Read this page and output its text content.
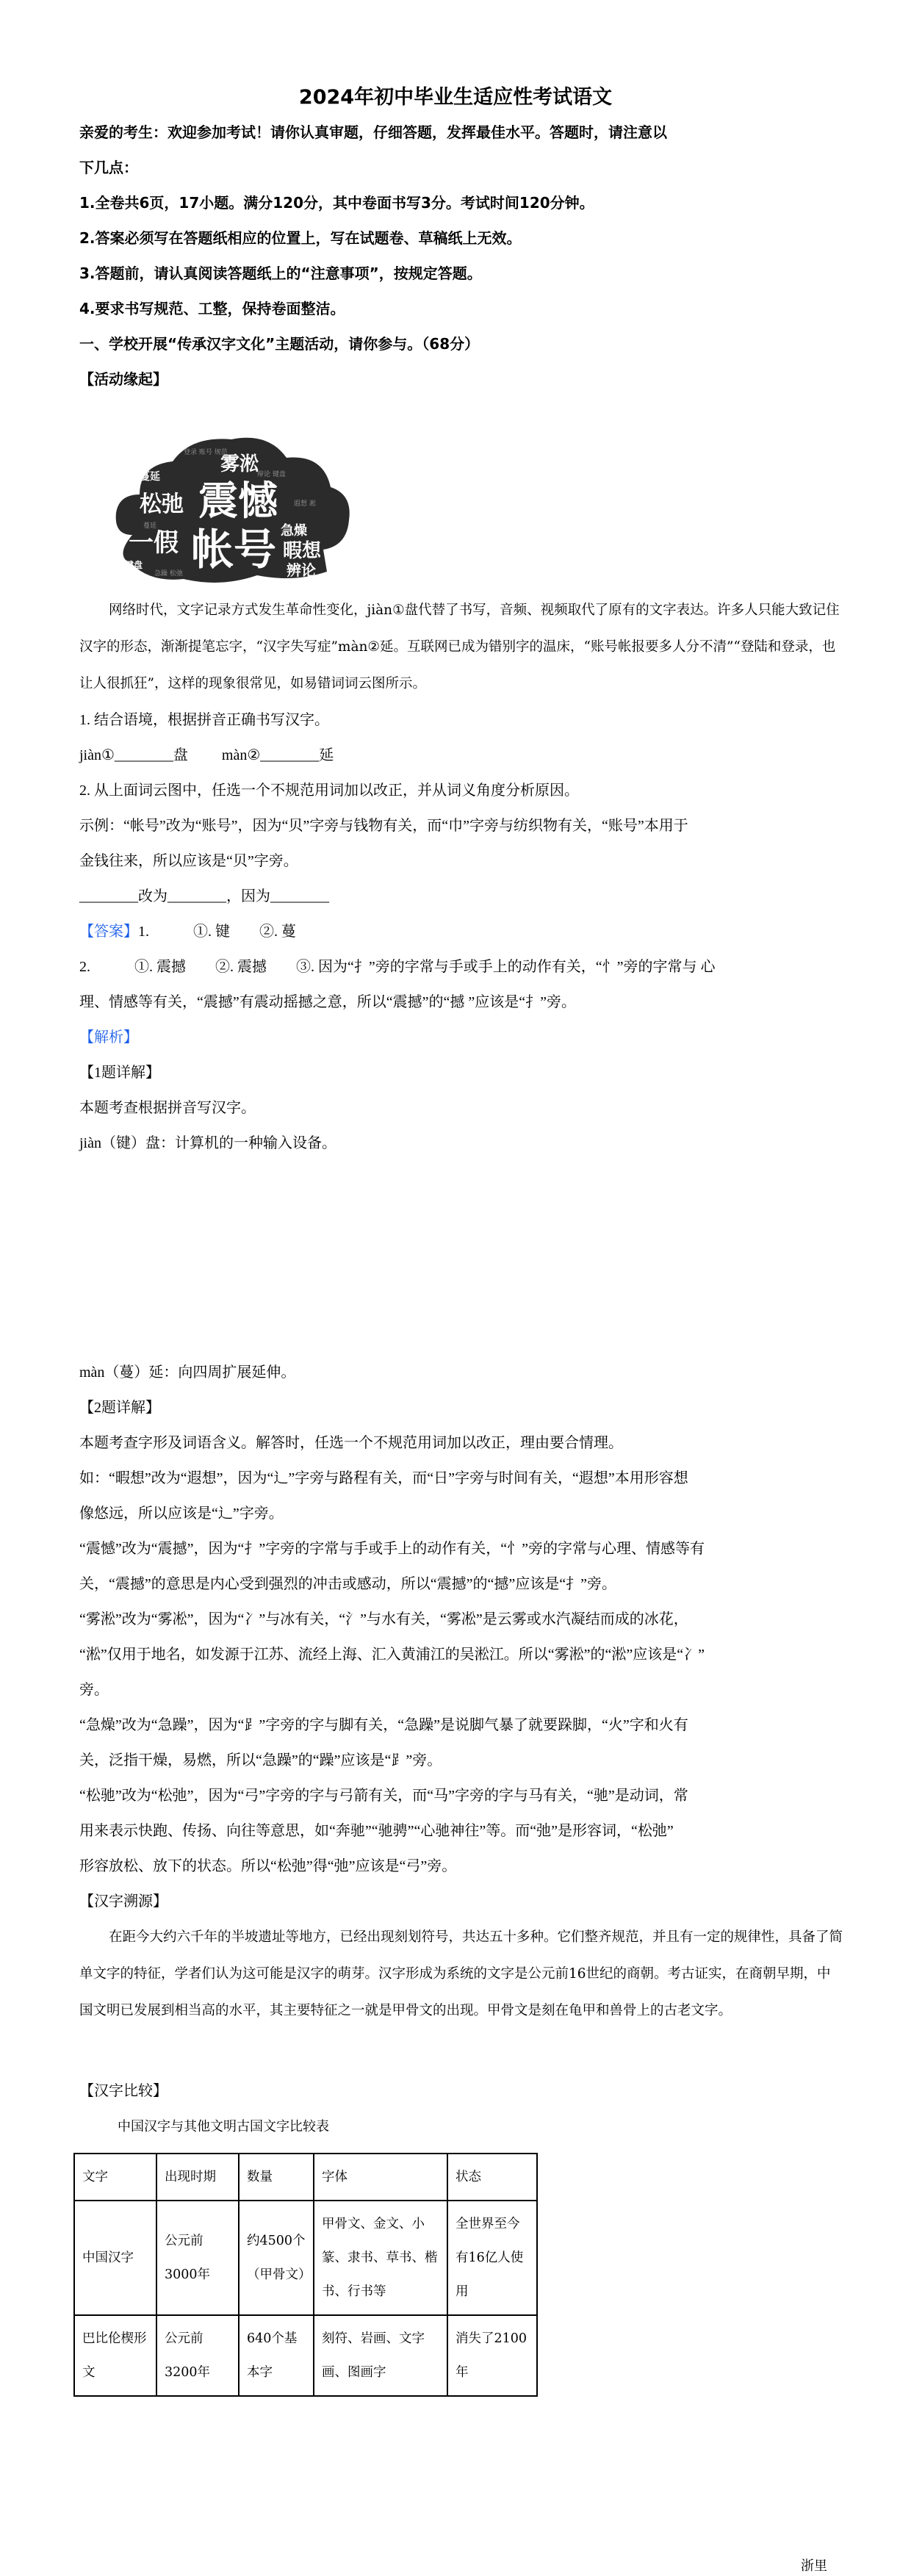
2024年初中毕业生适应性考试语文
亲爱的考生：欢迎参加考试！请你认真审题，仔细答题，发挥最佳水平。答题时，请注意以
下几点：
1.全卷共6页，17小题。满分120分，其中卷面书写3分。考试时间120分钟。
2.答案必须写在答题纸相应的位置上，写在试题卷、草稿纸上无效。
3.答题前，请认真阅读答题纸上的“注意事项”，按规定答题。
4.要求书写规范、工整，保持卷面整洁。
一、学校开展“传承汉字文化”主题活动，请你参与。（68分）
【活动缘起】
雾淞
松弛 震憾
帐号 急燥
暇想
辨论
一假
键盘
蔓延
登录 账号 规范
辩论 键盘
蔓延
遐想 凇
急躁 松弛
网络时代，文字记录方式发生革命性变化，jiàn①盘代替了书写，音频、视频取代了原有的文字表达。许多人只能大致记住汉字的形态，渐渐提笔忘字，“汉字失写症”màn②延。互联网已成为错别字的温床，“账号帐报要多人分不清”“登陆和登录，也让人很抓狂”，这样的现象很常见，如易错词词云图所示。
1. 结合语境，根据拼音正确书写汉字。
jiàn①________盘 màn②________延
2. 从上面词云图中，任选一个不规范用词加以改正，并从词义角度分析原因。
示例：“帐号”改为“账号”，因为“贝”字旁与钱物有关，而“巾”字旁与纺织物有关，“账号”本用于
金钱往来，所以应该是“贝”字旁。
________改为________，因为________
【答案】1.	①. 键　　②. 蔓
2.	①. 震撼　　②. 震撼　　③. 因为“扌”旁的字常与手或手上的动作有关，“忄”旁的字常与 心
理、情感等有关，“震撼”有震动摇撼之意，所以“震撼”的“撼 ”应该是“扌”旁。
【解析】
【1题详解】
本题考查根据拼音写汉字。
jiàn（键）盘：计算机的一种输入设备。
màn（蔓）延：向四周扩展延伸。
【2题详解】
本题考查字形及词语含义。解答时，任选一个不规范用词加以改正，理由要合情理。
如：“暇想”改为“遐想”，因为“辶”字旁与路程有关，而“日”字旁与时间有关，“遐想”本用形容想
像悠远，所以应该是“辶”字旁。
“震憾”改为“震撼”，因为“扌”字旁的字常与手或手上的动作有关，“忄”旁的字常与心理、情感等有
关，“震撼”的意思是内心受到强烈的冲击或感动，所以“震撼”的“撼”应该是“扌”旁。
“雾淞”改为“雾凇”，因为“冫”与冰有关，“氵”与水有关，“雾凇”是云雾或水汽凝结而成的冰花，
“淞”仅用于地名，如发源于江苏、流经上海、汇入黄浦江的吴淞江。所以“雾淞”的“淞”应该是“冫”
旁。
“急燥”改为“急躁”，因为“⻊”字旁的字与脚有关，“急躁”是说脚气暴了就要跺脚，“火”字和火有
关，泛指干燥，易燃，所以“急躁”的“躁”应该是“⻊”旁。
“松驰”改为“松弛”，因为“弓”字旁的字与弓箭有关，而“马”字旁的字与马有关，“驰”是动词，常
用来表示快跑、传扬、向往等意思，如“奔驰”“驰骋”“心驰神往”等。而“弛”是形容词，“松弛”
形容放松、放下的状态。所以“松弛”得“弛”应该是“弓”旁。
【汉字溯源】
在距今大约六千年的半坡遗址等地方，已经出现刻划符号，共达五十多种。它们整齐规范，并且有一定的规律性，具备了简单文字的特征，学者们认为这可能是汉字的萌芽。汉字形成为系统的文字是公元前16世纪的商朝。考古证实，在商朝早期，中国文明已发展到相当高的水平，其主要特征之一就是甲骨文的出现。甲骨文是刻在龟甲和兽骨上的古老文字。
【汉字比较】
中国汉字与其他文明古国文字比较表
文字	出现时期	数量	字体	状态
中国汉字	公元前3000年	约4500个（甲骨文）	甲骨文、金文、小篆、隶书、草书、楷书、行书等	全世界至今有16亿人使用
巴比伦楔形文	公元前3200年	640个基本字	刻符、岩画、文字画、图画字	消失了2100年
浙里
